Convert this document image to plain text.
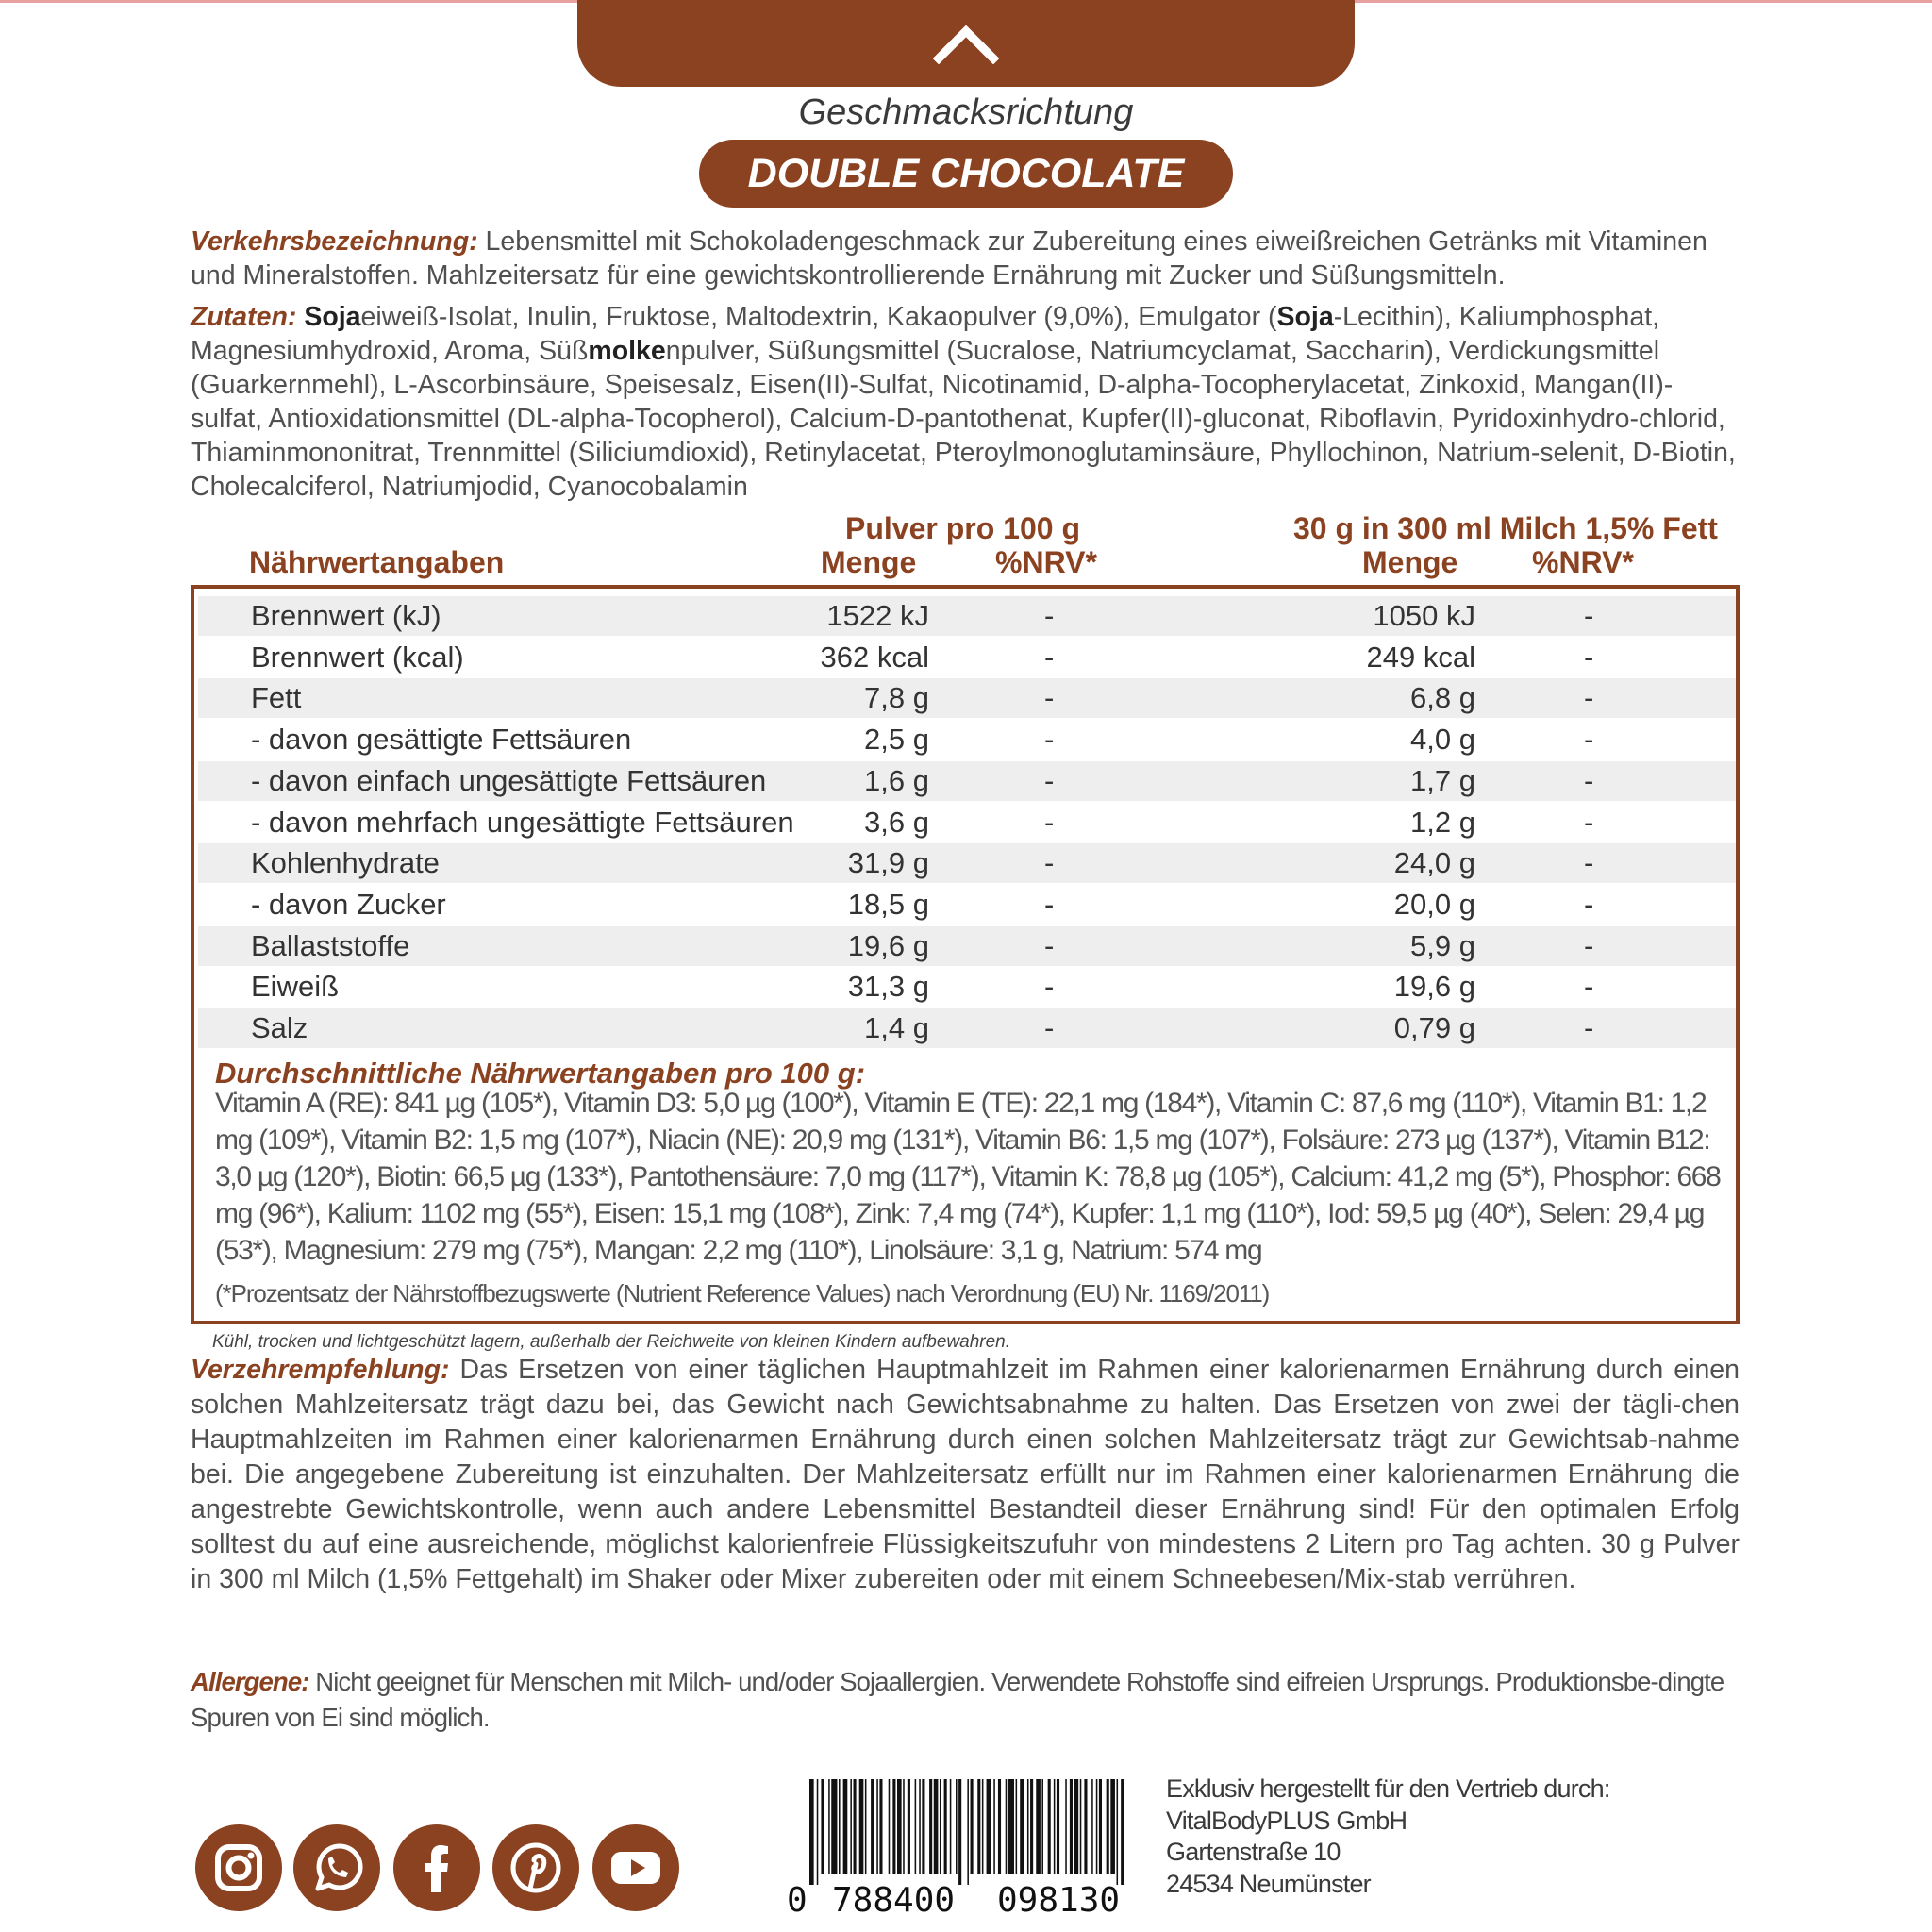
Geschmacksrichtung
DOUBLE CHOCOLATE
Verkehrsbezeichnung: Lebensmittel mit Schokoladengeschmack zur Zubereitung eines eiweißreichen Getränks mit Vitaminen und Mineralstoffen. Mahlzeitersatz für eine gewichtskontrollierende Ernährung mit Zucker und Süßungsmitteln.
Zutaten: Sojaeiweiß-Isolat, Inulin, Fruktose, Maltodextrin, Kakaopulver (9,0%), Emulgator (Soja-Lecithin), Kaliumphosphat, Magnesiumhydroxid, Aroma, Süßmolkenpulver, Süßungsmittel (Sucralose, Natriumcyclamat, Saccharin), Verdickungsmittel (Guarkernmehl), L-Ascorbinsäure, Speisesalz, Eisen(II)-Sulfat, Nicotinamid, D-alpha-Tocopherylacetat, Zinkoxid, Mangan(II)-sulfat, Antioxidationsmittel (DL-alpha-Tocopherol), Calcium-D-pantothenat, Kupfer(II)-gluconat, Riboflavin, Pyridoxinhydro-chlorid, Thiaminmononitrat, Trennmittel (Siliciumdioxid), Retinylacetat, Pteroylmonoglutaminsäure, Phyllochinon, Natrium-selenit, D-Biotin, Cholecalciferol, Natriumjodid, Cyanocobalamin
Pulver pro 100 g	30 g in 300 ml Milch 1,5% Fett
Nährwertangaben	Menge	%NRV*	Menge %NRV*
Brennwert (kJ)	1522 kJ	-	1050 kJ	-
Brennwert (kcal)	362 kcal	-	249 kcal	-
Fett	7,8 g	-	6,8 g	-
- davon gesättigte Fettsäuren	2,5 g	-	4,0 g	-
- davon einfach ungesättigte Fettsäuren	1,6 g	-	1,7 g	-
- davon mehrfach ungesättigte Fettsäuren 3,6 g	-	1,2 g	-
Kohlenhydrate	31,9 g	-	24,0 g	-
- davon Zucker	18,5 g	-	20,0 g	-
Ballaststoffe	19,6 g	-	5,9 g	-
Eiweiß	31,3 g	-	19,6 g	-
Salz	1,4 g	-	0,79 g	-
Durchschnittliche Nährwertangaben pro 100 g:
Vitamin A (RE): 841 µg (105*), Vitamin D3: 5,0 µg (100*), Vitamin E (TE): 22,1 mg (184*), Vitamin C: 87,6 mg (110*), Vitamin B1: 1,2 mg (109*), Vitamin B2: 1,5 mg (107*), Niacin (NE): 20,9 mg (131*), Vitamin B6: 1,5 mg (107*), Folsäure: 273 µg (137*), Vitamin B12: 3,0 µg (120*), Biotin: 66,5 µg (133*), Pantothensäure: 7,0 mg (117*), Vitamin K: 78,8 µg (105*), Calcium: 41,2 mg (5*), Phosphor: 668 mg (96*), Kalium: 1102 mg (55*), Eisen: 15,1 mg (108*), Zink: 7,4 mg (74*), Kupfer: 1,1 mg (110*), Iod: 59,5 µg (40*), Selen: 29,4 µg (53*), Magnesium: 279 mg (75*), Mangan: 2,2 mg (110*), Linolsäure: 3,1 g, Natrium: 574 mg
(*Prozentsatz der Nährstoffbezugswerte (Nutrient Reference Values) nach Verordnung (EU) Nr. 1169/2011)
Kühl, trocken und lichtgeschützt lagern, außerhalb der Reichweite von kleinen Kindern aufbewahren.
Verzehrempfehlung: Das Ersetzen von einer täglichen Hauptmahlzeit im Rahmen einer kalorienarmen Ernährung durch einen solchen Mahlzeitersatz trägt dazu bei, das Gewicht nach Gewichtsabnahme zu halten. Das Ersetzen von zwei der tägli-chen Hauptmahlzeiten im Rahmen einer kalorienarmen Ernährung durch einen solchen Mahlzeitersatz trägt zur Gewichtsab-nahme bei. Die angegebene Zubereitung ist einzuhalten. Der Mahlzeitersatz erfüllt nur im Rahmen einer kalorienarmen Ernährung die angestrebte Gewichtskontrolle, wenn auch andere Lebensmittel Bestandteil dieser Ernährung sind! Für den optimalen Erfolg solltest du auf eine ausreichende, möglichst kalorienfreie Flüssigkeitszufuhr von mindestens 2 Litern pro Tag achten. 30 g Pulver in 300 ml Milch (1,5% Fettgehalt) im Shaker oder Mixer zubereiten oder mit einem Schneebesen/Mix-stab verrühren.
Allergene: Nicht geeignet für Menschen mit Milch- und/oder Sojaallergien. Verwendete Rohstoffe sind eifreien Ursprungs. Produktionsbe-dingte Spuren von Ei sind möglich.
0 788400 098130
Exklusiv hergestellt für den Vertrieb durch:
VitalBodyPLUS GmbH
Gartenstraße 10
24534 Neumünster
